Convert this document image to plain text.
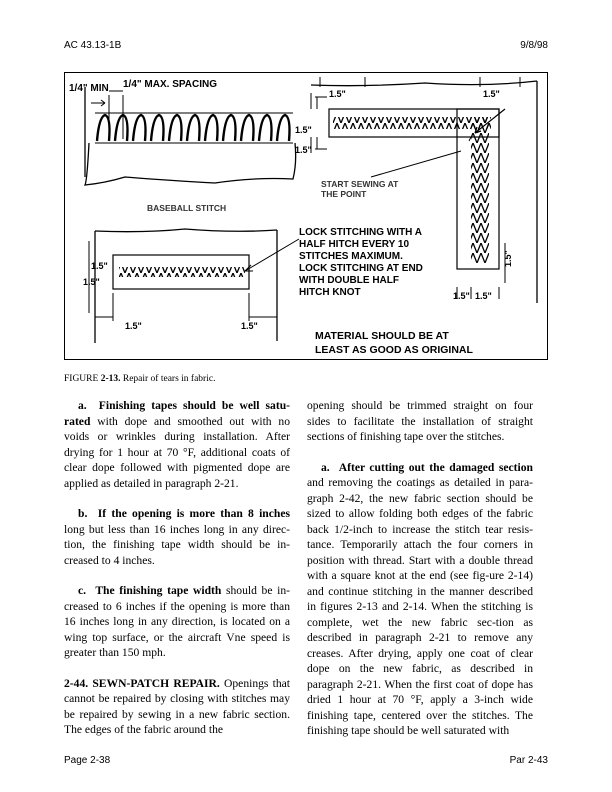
AC 43.13-1B	9/8/98
1/4" MIN 1/4" MAX. SPACING
BASEBALL STITCH
1.5"	1.5"
1.5"
1.5"
1.5"
1.5" 1.5"
START SEWING AT
THE POINT
1.5"
1.5"
1.5"	1.5"
LOCK STITCHING WITH A
HALF HITCH EVERY 10
STITCHES MAXIMUM.
LOCK STITCHING AT END
WITH DOUBLE HALF
HITCH KNOT
MATERIAL SHOULD BE AT
LEAST AS GOOD AS ORIGINAL
FIGURE 2-13. Repair of tears in fabric.

a. Finishing tapes should be well satu-rated with dope and smoothed out with no voids or wrinkles during installation. After drying for 1 hour at 70 °F, additional coats of clear dope followed with pigmented dope are applied as detailed in paragraph 2-21.

b. If the opening is more than 8 inches long but less than 16 inches long in any direc-tion, the finishing tape width should be in-creased to 4 inches.

c. The finishing tape width should be in-creased to 6 inches if the opening is more than 16 inches long in any direction, is located on a wing top surface, or the aircraft Vne speed is greater than 150 mph.

2-44. SEWN-PATCH REPAIR. Openings that cannot be repaired by closing with stitches may be repaired by sewing in a new fabric section. The edges of the fabric around the

opening should be trimmed straight on four sides to facilitate the installation of straight sections of finishing tape over the stitches.

a. After cutting out the damaged section and removing the coatings as detailed in para-graph 2-42, the new fabric section should be sized to allow folding both edges of the fabric back 1/2-inch to increase the stitch tear resis-tance. Temporarily attach the four corners in position with thread. Start with a double thread with a square knot at the end (see fig-ure 2-14) and continue stitching in the manner described in figures 2-13 and 2-14. When the stitching is complete, wet the new fabric sec-tion as described in paragraph 2-21 to remove any creases. After drying, apply one coat of clear dope on the new fabric, as described in paragraph 2-21. When the first coat of dope has dried 1 hour at 70 °F, apply a 3-inch wide finishing tape, centered over the stitches. The finishing tape should be well saturated with

Page 2-38	Par 2-43
